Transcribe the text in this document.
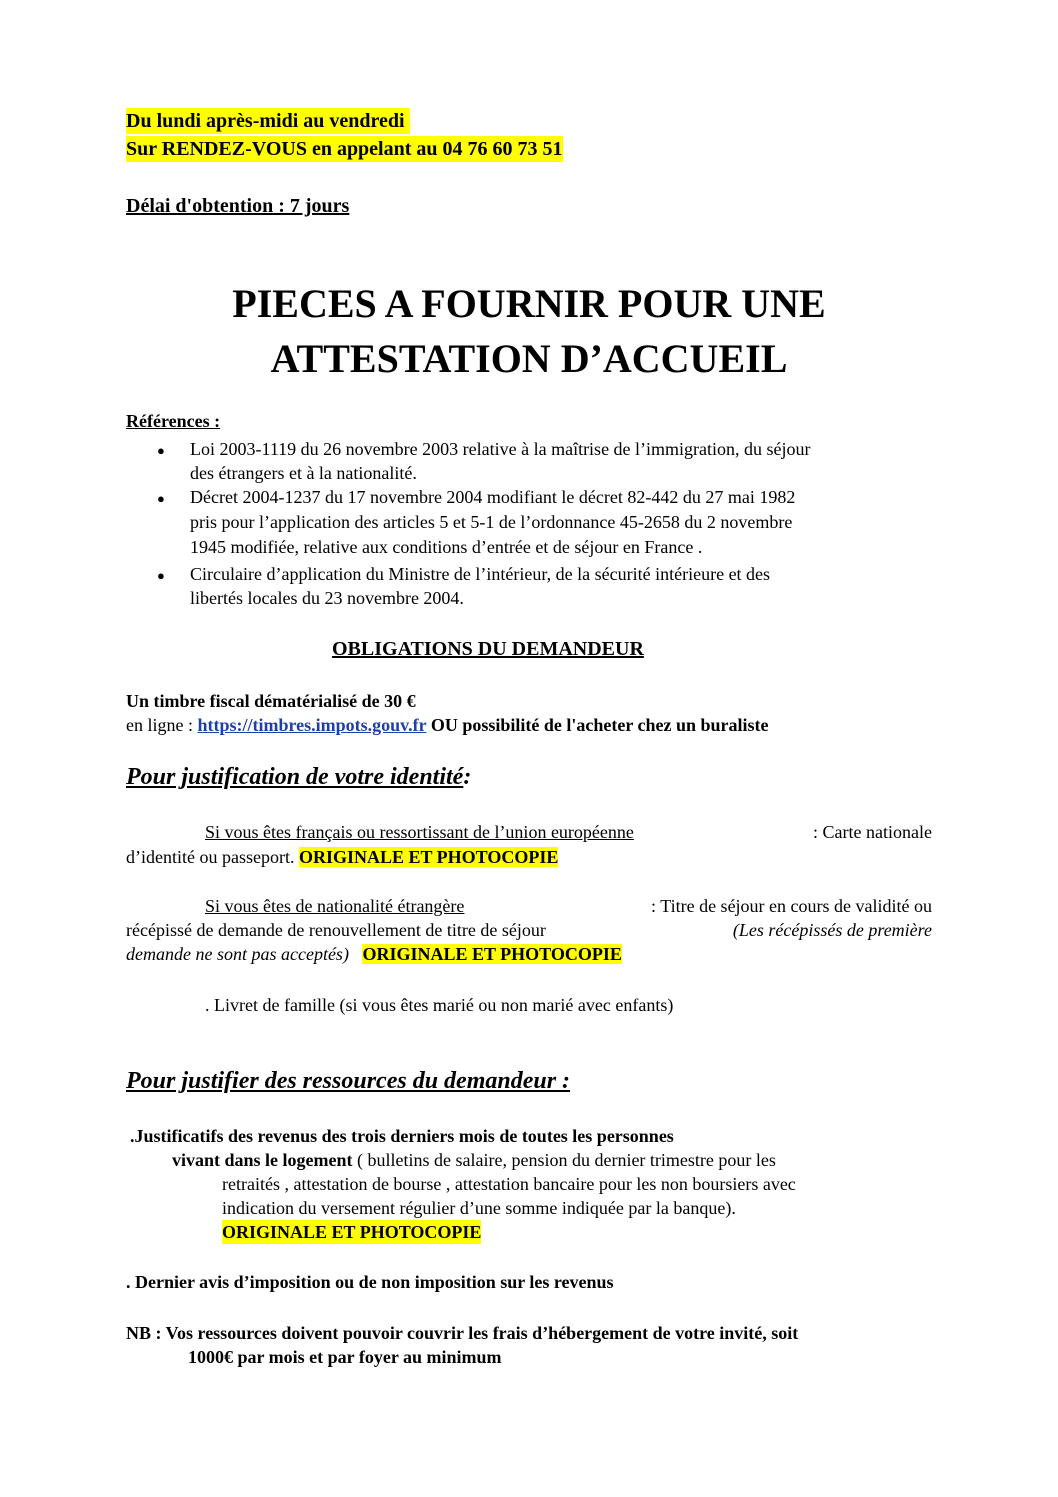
Du lundi après-midi au vendredi
Sur RENDEZ-VOUS en appelant au 04 76 60 73 51
Délai d'obtention : 7 jours
PIECES A FOURNIR POUR UNE
ATTESTATION D’ACCUEIL
Références :
● Loi 2003-1119 du 26 novembre 2003 relative à la maîtrise de l’immigration, du séjour
des étrangers et à la nationalité.
● Décret 2004-1237 du 17 novembre 2004 modifiant le décret 82-442 du 27 mai 1982
pris pour l’application des articles 5 et 5-1 de l’ordonnance 45-2658 du 2 novembre
1945 modifiée, relative aux conditions d’entrée et de séjour en France .
● Circulaire d’application du Ministre de l’intérieur, de la sécurité intérieure et des
libertés locales du 23 novembre 2004.
OBLIGATIONS DU DEMANDEUR
Un timbre fiscal dématérialisé de 30 €
en ligne : https://timbres.impots.gouv.fr OU possibilité de l'acheter chez un buraliste
Pour justification de votre identité:
Si vous êtes français ou ressortissant de l’union européenne	: Carte nationale
d’identité ou passeport. ORIGINALE ET PHOTOCOPIE
Si vous êtes de nationalité étrangère	: Titre de séjour en cours de validité ou
récépissé de demande de renouvellement de titre de séjour	(Les récépissés de première
demande ne sont pas acceptés) ORIGINALE ET PHOTOCOPIE
. Livret de famille (si vous êtes marié ou non marié avec enfants)
Pour justifier des ressources du demandeur :
.Justificatifs des revenus des trois derniers mois de toutes les personnes
vivant dans le logement ( bulletins de salaire, pension du dernier trimestre pour les
retraités , attestation de bourse , attestation bancaire pour les non boursiers avec
indication du versement régulier d’une somme indiquée par la banque).
ORIGINALE ET PHOTOCOPIE
. Dernier avis d’imposition ou de non imposition sur les revenus
NB : Vos ressources doivent pouvoir couvrir les frais d’hébergement de votre invité, soit
1000€ par mois et par foyer au minimum
